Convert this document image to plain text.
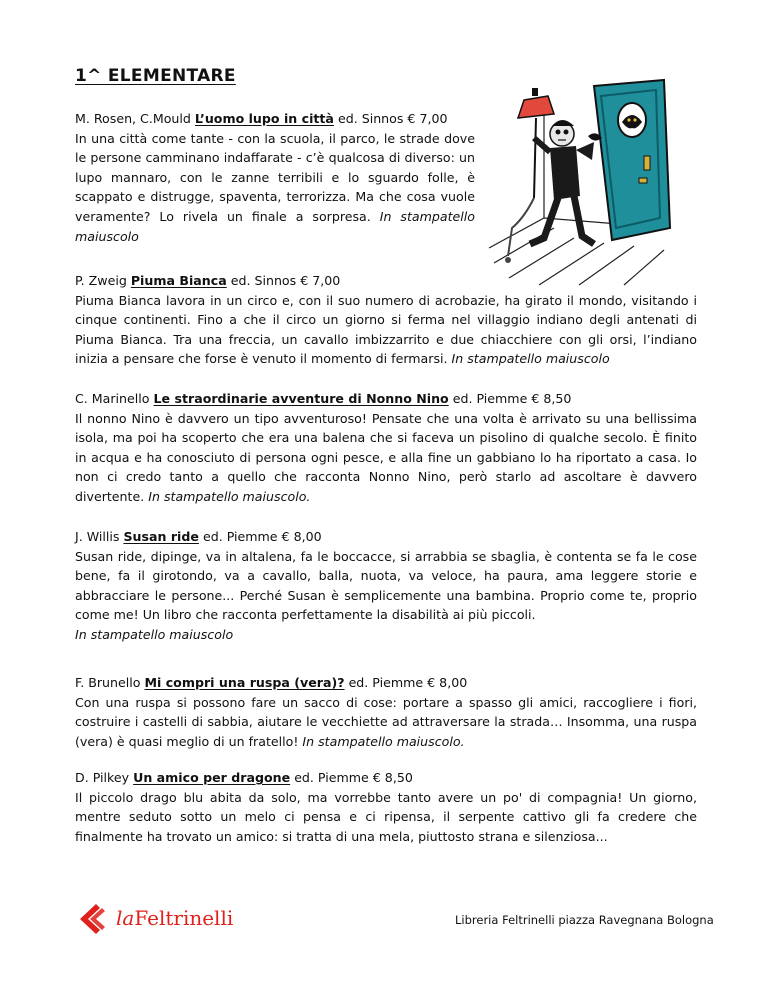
1^ ELEMENTARE

M. Rosen, C.Mould L’uomo lupo in città ed. Sinnos € 7,00
In una città come tante - con la scuola, il parco, le strade dove le persone camminano indaffarate - c’è qualcosa di diverso: un lupo mannaro, con le zanne terribili e lo sguardo folle, è scappato e distrugge, spaventa, terrorizza. Ma che cosa vuole veramente? Lo rivela un finale a sorpresa. In stampatello maiuscolo

P. Zweig Piuma Bianca ed. Sinnos € 7,00
Piuma Bianca lavora in un circo e, con il suo numero di acrobazie, ha girato il mondo, visitando i cinque continenti. Fino a che il circo un giorno si ferma nel villaggio indiano degli antenati di Piuma Bianca. Tra una freccia, un cavallo imbizzarrito e due chiacchiere con gli orsi, l’indiano inizia a pensare che forse è venuto il momento di fermarsi. In stampatello maiuscolo

C. Marinello Le straordinarie avventure di Nonno Nino ed. Piemme € 8,50
Il nonno Nino è davvero un tipo avventuroso! Pensate che una volta è arrivato su una bellissima isola, ma poi ha scoperto che era una balena che si faceva un pisolino di qualche secolo. È finito in acqua e ha conosciuto di persona ogni pesce, e alla fine un gabbiano lo ha riportato a casa. Io non ci credo tanto a quello che racconta Nonno Nino, però starlo ad ascoltare è davvero divertente. In stampatello maiuscolo.

J. Willis Susan ride ed. Piemme € 8,00
Susan ride, dipinge, va in altalena, fa le boccacce, si arrabbia se sbaglia, è contenta se fa le cose bene, fa il girotondo, va a cavallo, balla, nuota, va veloce, ha paura, ama leggere storie e abbracciare le persone... Perché Susan è semplicemente una bambina. Proprio come te, proprio come me! Un libro che racconta perfettamente la disabilità ai più piccoli.
In stampatello maiuscolo

F. Brunello Mi compri una ruspa (vera)? ed. Piemme € 8,00
Con una ruspa si possono fare un sacco di cose: portare a spasso gli amici, raccogliere i fiori, costruire i castelli di sabbia, aiutare le vecchiette ad attraversare la strada… Insomma, una ruspa (vera) è quasi meglio di un fratello! In stampatello maiuscolo.

D. Pilkey Un amico per dragone ed. Piemme € 8,50
Il piccolo drago blu abita da solo, ma vorrebbe tanto avere un po' di compagnia! Un giorno, mentre seduto sotto un melo ci pensa e ci ripensa, il serpente cattivo gli fa credere che finalmente ha trovato un amico: si tratta di una mela, piuttosto strana e silenziosa...

laFeltrinelli	Libreria Feltrinelli piazza Ravegnana Bologna
